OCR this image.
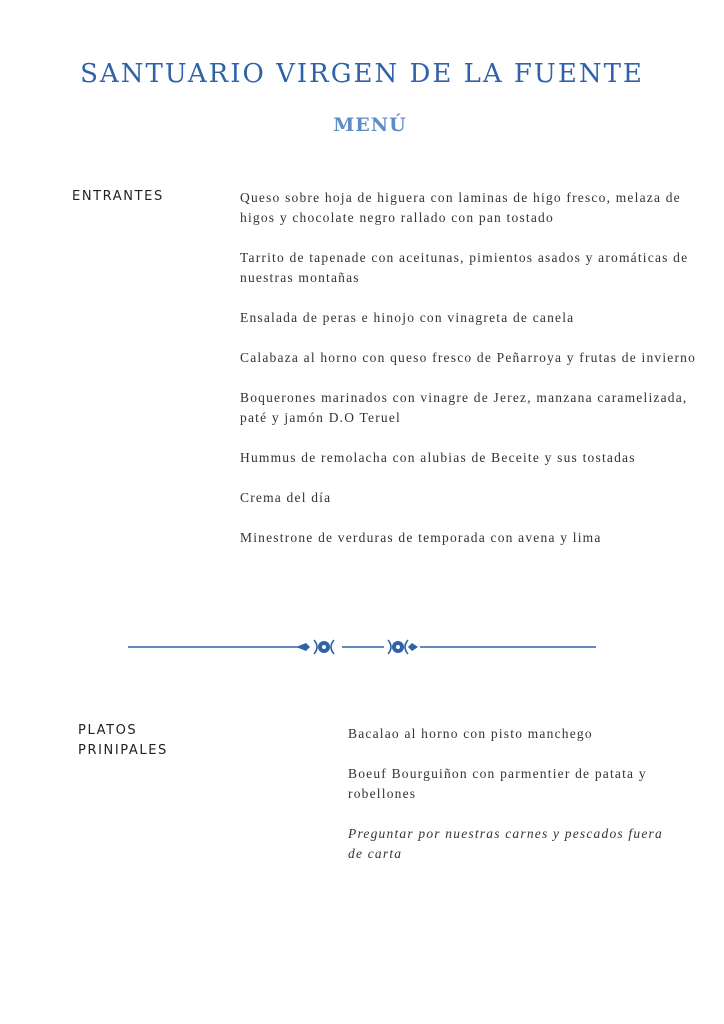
SANTUARIO VIRGEN DE LA FUENTE
MENÚ
ENTRANTES	Queso sobre hoja de higuera con laminas de higo fresco, melaza de higos y chocolate negro rallado con pan tostado
Tarrito de tapenade con aceitunas, pimientos asados y aromáticas de nuestras montañas
Ensalada de peras e hinojo con vinagreta de canela
Calabaza al horno con queso fresco de Peñarroya y frutas de invierno
Boquerones marinados con vinagre de Jerez, manzana caramelizada, paté y jamón D.O Teruel
Hummus de remolacha con alubias de Beceite y sus tostadas
Crema del día
Minestrone de verduras de temporada con avena y lima
PLATOS
PRINIPALES
Bacalao al horno con pisto manchego
Boeuf Bourguiñon con parmentier de patata y robellones
Preguntar por nuestras carnes y pescados fuera de carta
